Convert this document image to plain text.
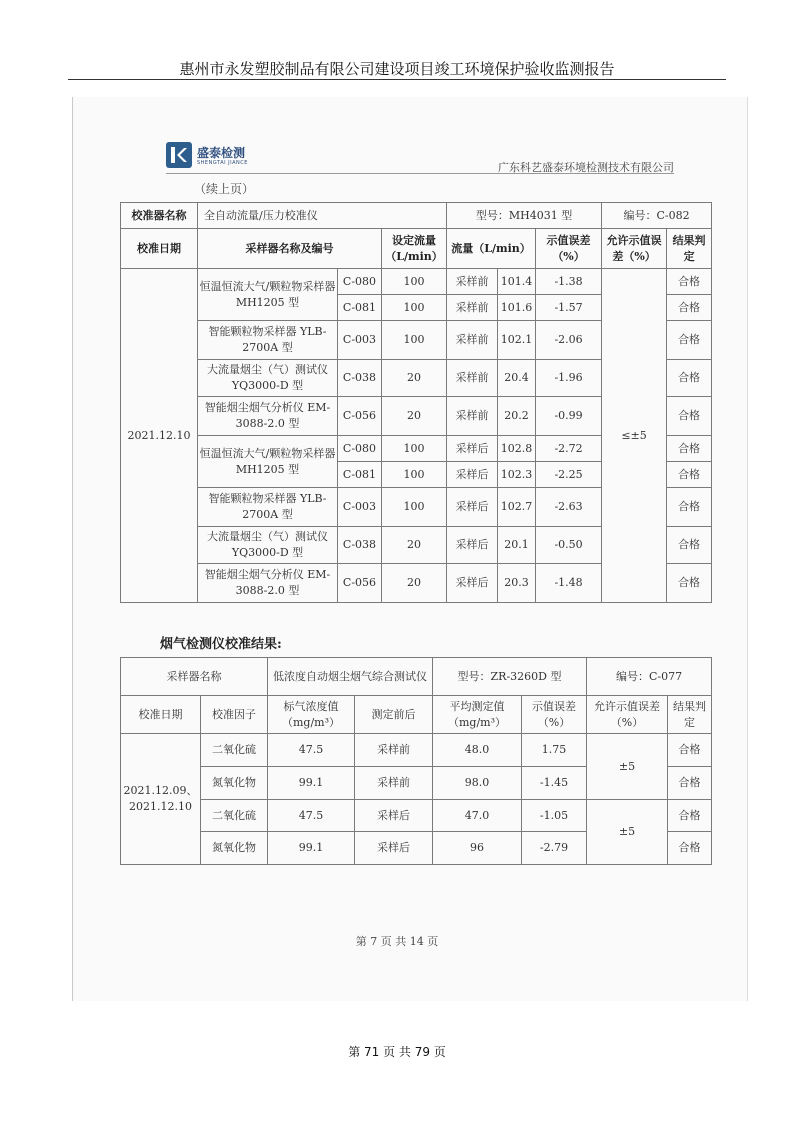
惠州市永发塑胶制品有限公司建设项目竣工环境保护验收监测报告
盛泰检测
SHENGTAI JIANCE	广东科艺盛泰环境检测技术有限公司
（续上页）
校准器名称	全自动流量/压力校准仪			型号：MH4031 型			编号：C-082	
校准日期	采样器名称及编号		设定流量（L/min）	流量（L/min）		示值误差（%）	允许示值误差（%）	结果判定
2021.12.10	恒温恒流大气/颗粒物采样器 MH1205 型	C-080	100	采样前	101.4	-1.38	≤±5	合格
		C-081	100	采样前	101.6	-1.57		合格
	智能颗粒物采样器 YLB-2700A 型	C-003	100	采样前	102.1	-2.06		合格
	大流量烟尘（气）测试仪 YQ3000-D 型	C-038	20	采样前	20.4	-1.96		合格
	智能烟尘烟气分析仪 EM-3088-2.0 型	C-056	20	采样前	20.2	-0.99		合格
	恒温恒流大气/颗粒物采样器 MH1205 型	C-080	100	采样后	102.8	-2.72		合格
		C-081	100	采样后	102.3	-2.25		合格
	智能颗粒物采样器 YLB-2700A 型	C-003	100	采样后	102.7	-2.63		合格
	大流量烟尘（气）测试仪 YQ3000-D 型	C-038	20	采样后	20.1	-0.50		合格
	智能烟尘烟气分析仪 EM-3088-2.0 型	C-056	20	采样后	20.3	-1.48		合格
烟气检测仪校准结果:
采样器名称		低浓度自动烟尘烟气综合测试仪		型号：ZR-3260D 型		编号：C-077	
校准日期	校准因子	标气浓度值（mg/m³）	测定前后	平均测定值（mg/m³）	示值误差（%）	允许示值误差（%）	结果判定
2021.12.09、2021.12.10	二氧化硫	47.5	采样前	48.0	1.75	±5	合格
	氮氧化物	99.1	采样前	98.0	-1.45		合格
	二氧化硫	47.5	采样后	47.0	-1.05	±5	合格
	氮氧化物	99.1	采样后	96	-2.79		合格
第 7 页 共 14 页
第 71 页 共 79 页
